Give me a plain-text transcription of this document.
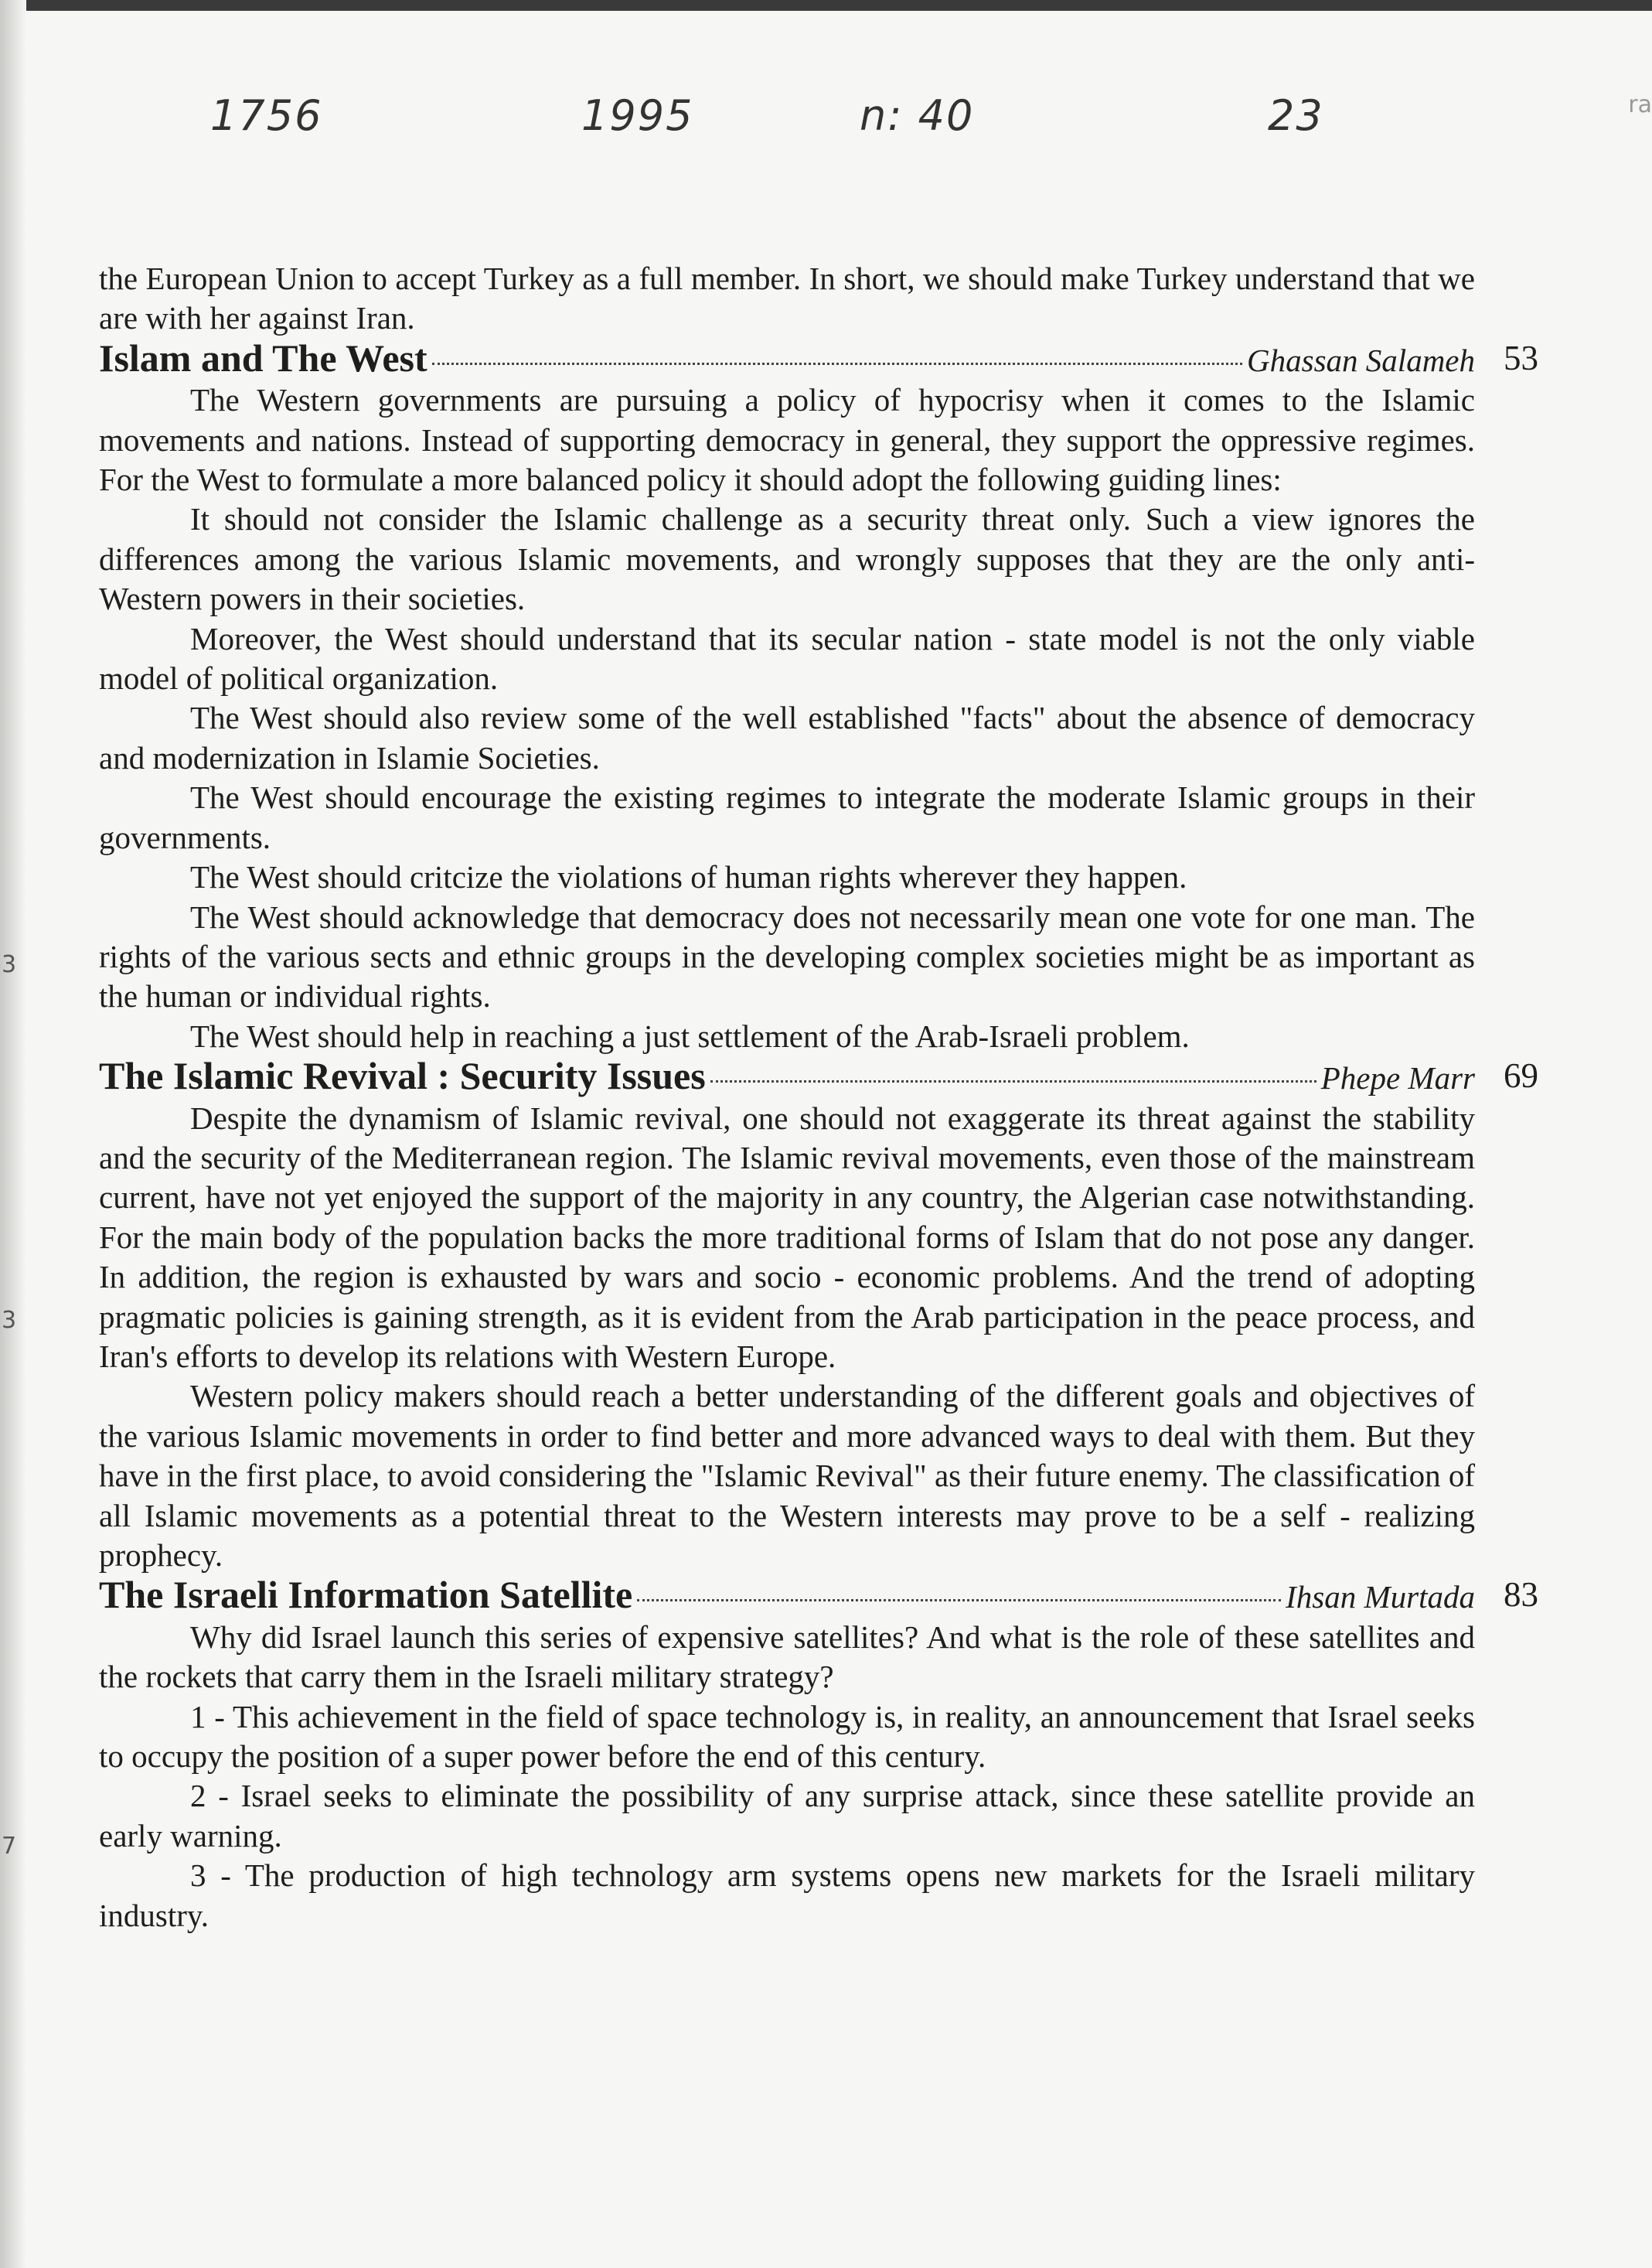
1756	1995	n: 40	23	ra
3
3
7

the European Union to accept Turkey as a full member. In short, we should make Turkey understand that we are with her against Iran.

Islam and The West	Ghassan Salameh 53

The Western governments are pursuing a policy of hypocrisy when it comes to the Islamic movements and nations. Instead of supporting democracy in general, they support the oppressive regimes. For the West to formulate a more balanced policy it should adopt the following guiding lines:

It should not consider the Islamic challenge as a security threat only. Such a view ignores the differences among the various Islamic movements, and wrongly supposes that they are the only anti- Western powers in their societies.

Moreover, the West should understand that its secular nation - state model is not the only viable model of political organization.

The West should also review some of the well established "facts" about the absence of democracy and modernization in Islamie Societies.

The West should encourage the existing regimes to integrate the moderate Islamic groups in their governments.

The West should critcize the violations of human rights wherever they happen.

The West should acknowledge that democracy does not necessarily mean one vote for one man. The rights of the various sects and ethnic groups in the developing complex societies might be as important as the human or individual rights.

The West should help in reaching a just settlement of the Arab-Israeli problem.

The Islamic Revival : Security Issues	Phepe Marr 69

Despite the dynamism of Islamic revival, one should not exaggerate its threat against the stability and the security of the Mediterranean region. The Islamic revival movements, even those of the mainstream current, have not yet enjoyed the support of the majority in any country, the Algerian case notwithstanding. For the main body of the population backs the more traditional forms of Islam that do not pose any danger. In addition, the region is exhausted by wars and socio - economic problems. And the trend of adopting pragmatic policies is gaining strength, as it is evident from the Arab participation in the peace process, and Iran's efforts to develop its relations with Western Europe.

Western policy makers should reach a better understanding of the different goals and objectives of the various Islamic movements in order to find better and more advanced ways to deal with them. But they have in the first place, to avoid considering the "Islamic Revival" as their future enemy. The classification of all Islamic movements as a potential threat to the Western interests may prove to be a self - realizing prophecy.

The Israeli Information Satellite	Ihsan Murtada 83

Why did Israel launch this series of expensive satellites? And what is the role of these satellites and the rockets that carry them in the Israeli military strategy?

1 - This achievement in the field of space technology is, in reality, an announcement that Israel seeks to occupy the position of a super power before the end of this century.

2 - Israel seeks to eliminate the possibility of any surprise attack, since these satellite provide an early warning.

3 - The production of high technology arm systems opens new markets for the Israeli military industry.
